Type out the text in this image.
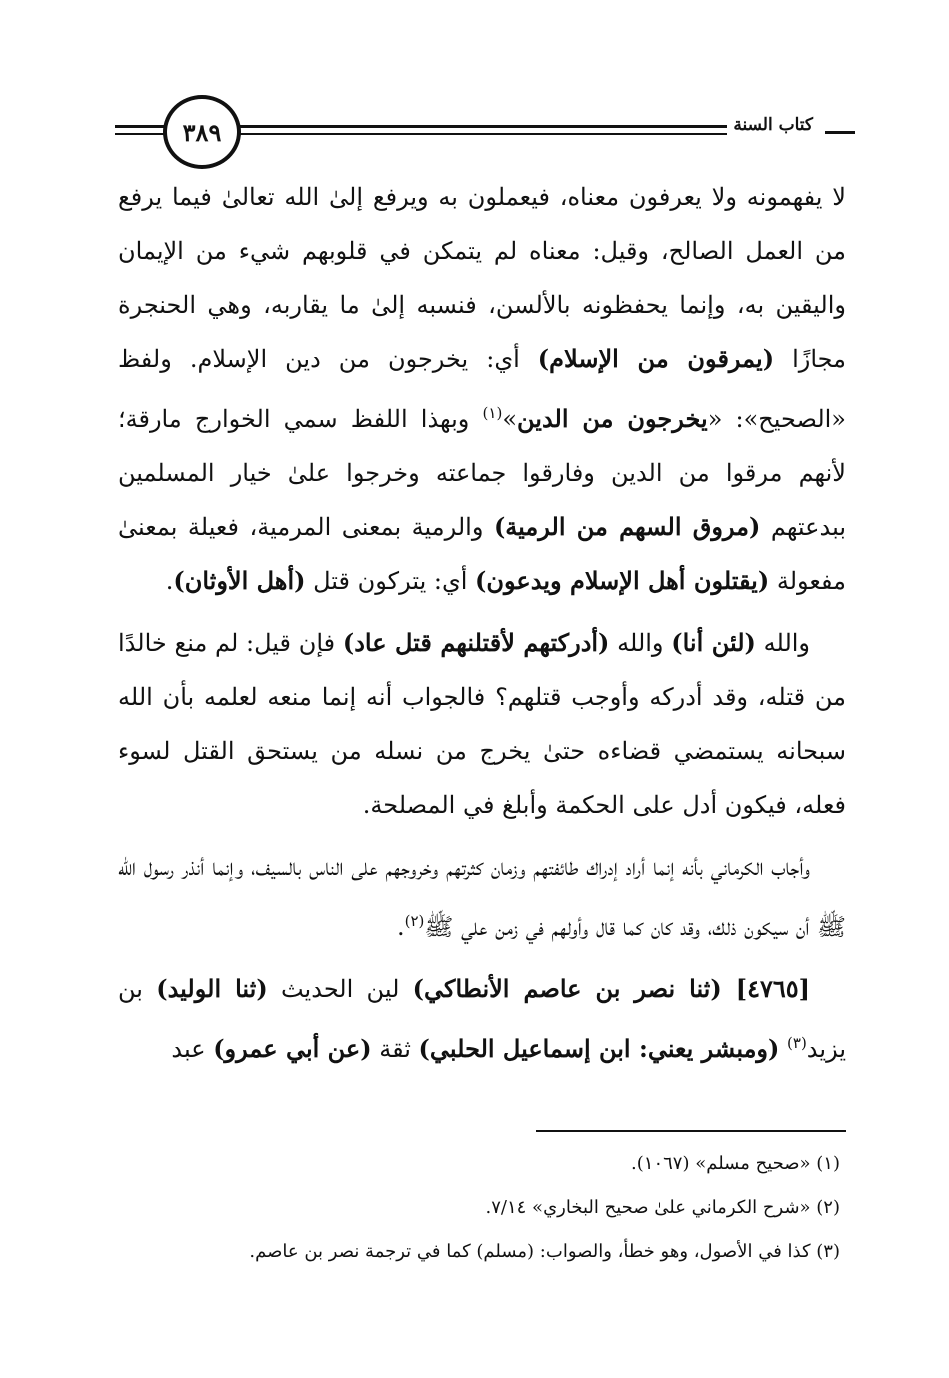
٣٨٩	كتاب السنة

لا يفهمونه ولا يعرفون معناه، فيعملون به ويرفع إلىٰ الله تعالىٰ فيما يرفع من العمل الصالح، وقيل: معناه لم يتمكن في قلوبهم شيء من الإيمان واليقين به، وإنما يحفظونه بالألسن، فنسبه إلىٰ ما يقاربه، وهي الحنجرة مجازًا (يمرقون من الإسلام) أي: يخرجون من دين الإسلام. ولفظ «الصحيح»: «يخرجون من الدين»$^{(١)}$ وبهذا اللفظ سمي الخوارج مارقة؛ لأنهم مرقوا من الدين وفارقوا جماعته وخرجوا علىٰ خيار المسلمين ببدعتهم (مروق السهم من الرمية) والرمية بمعنى المرمية، فعيلة بمعنىٰ مفعولة (يقتلون أهل الإسلام ويدعون) أي: يتركون قتل (أهل الأوثان).

والله (لئن أنا) والله (أدركتهم لأقتلنهم قتل عاد) فإن قيل: لم منع خالدًا من قتله، وقد أدركه وأوجب قتلهم؟ فالجواب أنه إنما منعه لعلمه بأن الله سبحانه يستمضي قضاءه حتىٰ يخرج من نسله من يستحق القتل لسوء فعله، فيكون أدل على الحكمة وأبلغ في المصلحة.

وأجاب الكرماني بأنه إنما أراد إدراك طائفتهم وزمان كثرتهم وخروجهم على الناس بالسيف، وإنما أنذر رسول الله ﷺ أن سيكون ذلك، وقد كان كما قال وأولهم في زمن علي ﷺ$^{(٢)}$.

[٤٧٦٥] (ثنا نصر بن عاصم الأنطاكي) لين الحديث (ثنا الوليد) بن يزيد$^{(٣)}$ (ومبشر يعني: ابن إسماعيل الحلبي) ثقة (عن أبي عمرو) عبد

(١) «صحيح مسلم» (١٠٦٧).

(٢) «شرح الكرماني علىٰ صحيح البخاري» ٧/١٤.

(٣) كذا في الأصول، وهو خطأ، والصواب: (مسلم) كما في ترجمة نصر بن عاصم.
